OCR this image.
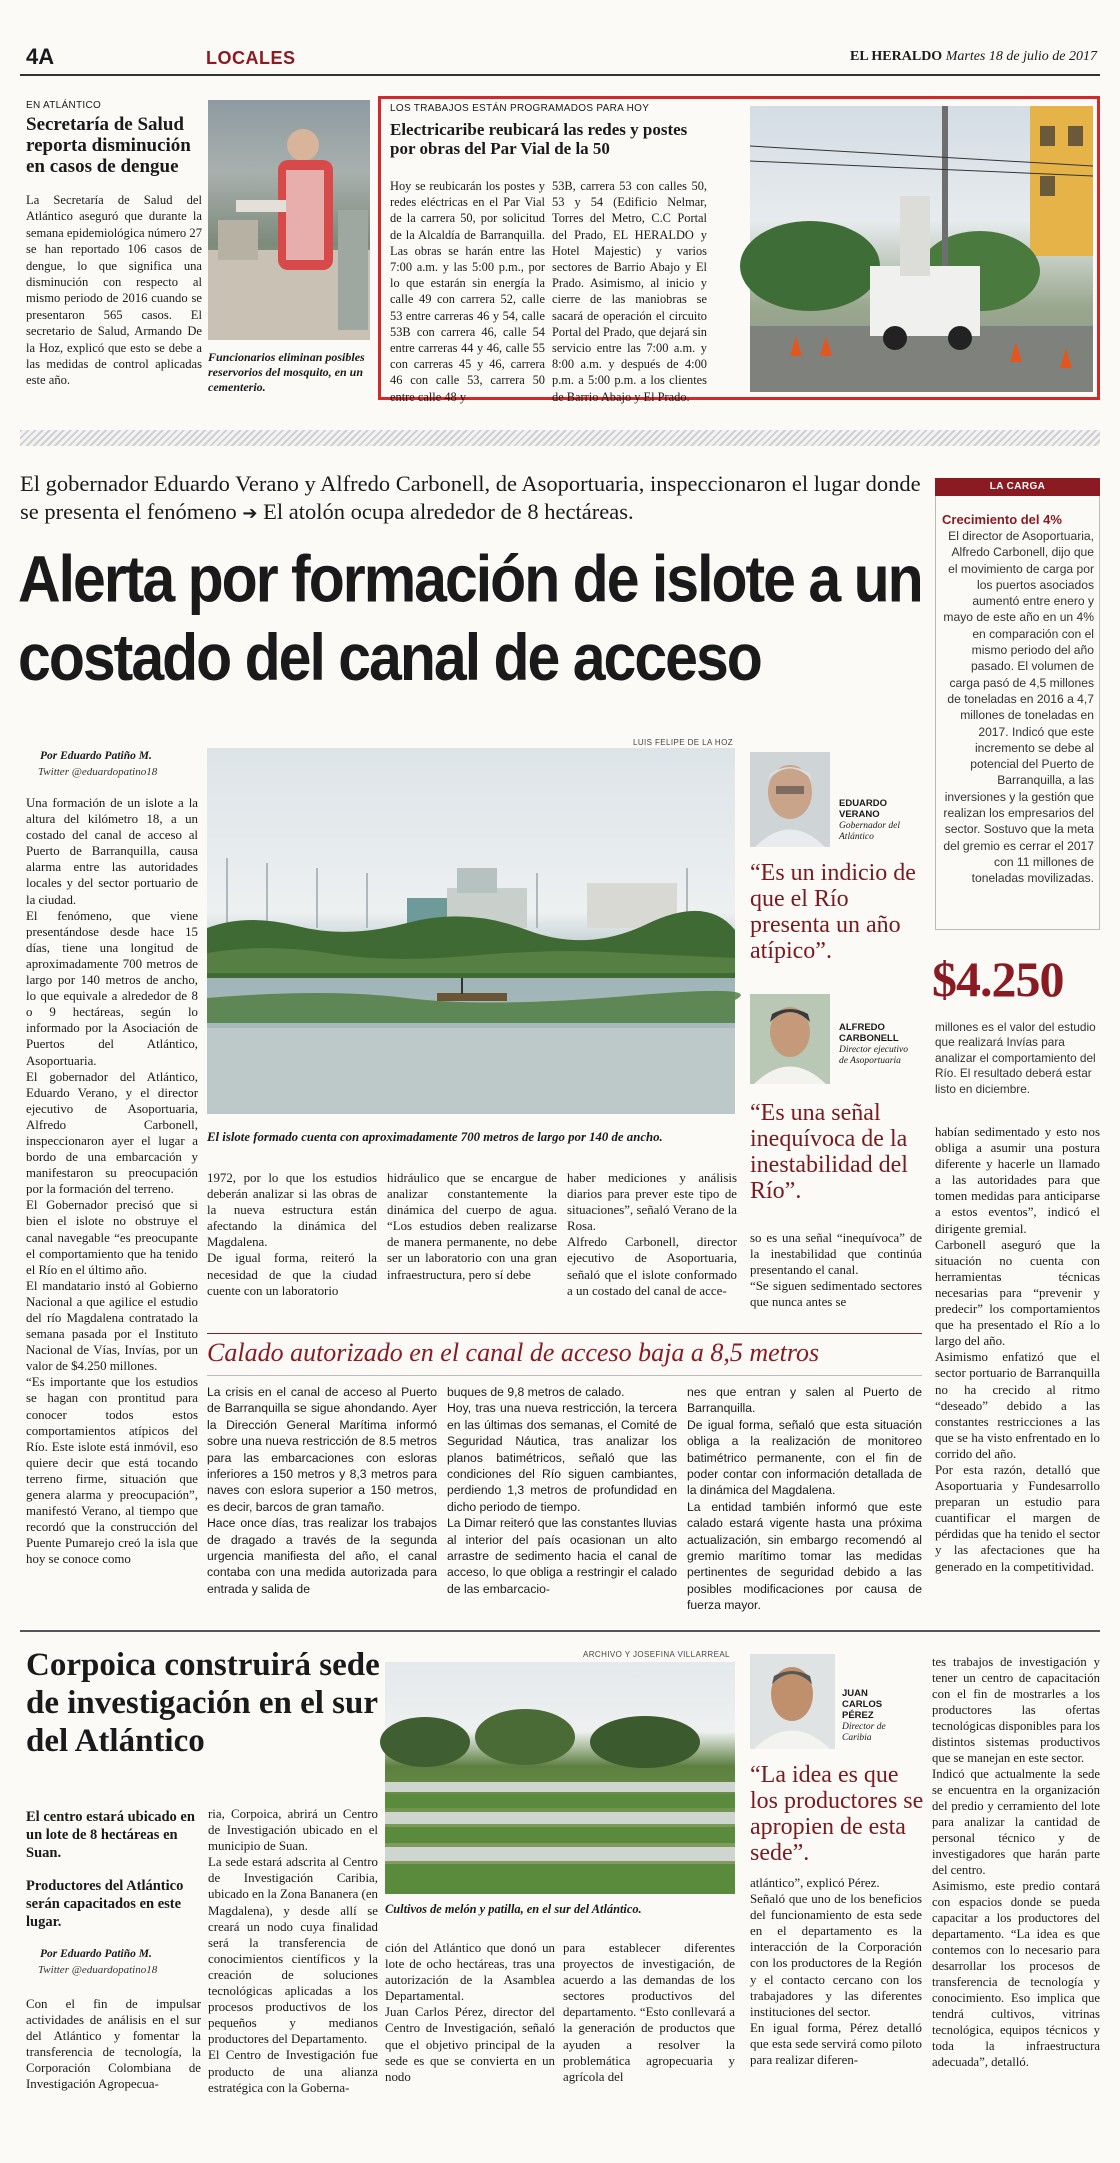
4A	LOCALES	EL HERALDO Martes 18 de julio de 2017
EN ATLÁNTICO
Secretaría de Salud reporta disminución en casos de dengue
La Secretaría de Salud del Atlántico aseguró que durante la semana epidemiológica número 27 se han reportado 106 casos de dengue, lo que significa una disminución con respecto al mismo periodo de 2016 cuando se presentaron 565 casos. El secretario de Salud, Armando De la Hoz, explicó que esto se debe a las medidas de control aplicadas este año.
Funcionarios eliminan posibles reservorios del mosquito, en un cementerio.
LOS TRABAJOS ESTÁN PROGRAMADOS PARA HOY
Electricaribe reubicará las redes y postes por obras del Par Vial de la 50
Hoy se reubicarán los postes y redes eléctricas en el Par Vial de la carrera 50, por solicitud de la Alcaldía de Barranquilla. Las obras se harán entre las 7:00 a.m. y las 5:00 p.m., por lo que estarán sin energía la calle 49 con carrera 52, calle 53 entre carreras 46 y 54, calle 53B con carrera 46, calle 54 entre carreras 44 y 46, calle 55 con carreras 45 y 46, carrera 46 con calle 53, carrera 50 entre calle 48 y
53B, carrera 53 con calles 50, 53 y 54 (Edificio Nelmar, Torres del Metro, C.C Portal del Prado, EL HERALDO y Hotel Majestic) y varios sectores de Barrio Abajo y El Prado. Asimismo, al inicio y cierre de las maniobras se sacará de operación el circuito Portal del Prado, que dejará sin servicio entre las 7:00 a.m. y 8:00 a.m. y después de 4:00 p.m. a 5:00 p.m. a los clientes de Barrio Abajo y El Prado.
El gobernador Eduardo Verano y Alfredo Carbonell, de Asoportuaria, inspeccionaron el lugar donde se presenta el fenómeno ➔ El atolón ocupa alrededor de 8 hectáreas.
Alerta por formación de islote a un costado del canal de acceso
LA CARGA
Crecimiento del 4%
El director de Asoportuaria, Alfredo Carbonell, dijo que el movimiento de carga por los puertos asociados aumentó entre enero y mayo de este año en un 4% en comparación con el mismo periodo del año pasado. El volumen de carga pasó de 4,5 millones de toneladas en 2016 a 4,7 millones de toneladas en 2017. Indicó que este incremento se debe al potencial del Puerto de Barranquilla, a las inversiones y la gestión que realizan los empresarios del sector. Sostuvo que la meta del gremio es cerrar el 2017 con 11 millones de toneladas movilizadas.
$4.250
millones es el valor del estudio que realizará Invías para analizar el comportamiento del Río. El resultado deberá estar listo en diciembre.
Por Eduardo Patiño M.
Twitter @eduardopatino18
Una formación de un islote a la altura del kilómetro 18, a un costado del canal de acceso al Puerto de Barranquilla, causa alarma entre las autoridades locales y del sector portuario de la ciudad.
El fenómeno, que viene presentándose desde hace 15 días, tiene una longitud de aproximadamente 700 metros de largo por 140 metros de ancho, lo que equivale a alrededor de 8 o 9 hectáreas, según lo informado por la Asociación de Puertos del Atlántico, Asoportuaria.
El gobernador del Atlántico, Eduardo Verano, y el director ejecutivo de Asoportuaria, Alfredo Carbonell, inspeccionaron ayer el lugar a bordo de una embarcación y manifestaron su preocupación por la formación del terreno.
El Gobernador precisó que si bien el islote no obstruye el canal navegable “es preocupante el comportamiento que ha tenido el Río en el último año.
El mandatario instó al Gobierno Nacional a que agilice el estudio del río Magdalena contratado la semana pasada por el Instituto Nacional de Vías, Invías, por un valor de $4.250 millones.
“Es importante que los estudios se hagan con prontitud para conocer todos estos comportamientos atípicos del Río. Este islote está inmóvil, eso quiere decir que está tocando terreno firme, situación que genera alarma y preocupación”, manifestó Verano, al tiempo que recordó que la construcción del Puente Pumarejo creó la isla que hoy se conoce como
LUIS FELIPE DE LA HOZ
El islote formado cuenta con aproximadamente 700 metros de largo por 140 de ancho.
1972, por lo que los estudios deberán analizar si las obras de la nueva estructura están afectando la dinámica del Magdalena.
De igual forma, reiteró la necesidad de que la ciudad cuente con un laboratorio
hidráulico que se encargue de analizar constantemente la dinámica del cuerpo de agua. “Los estudios deben realizarse de manera permanente, no debe ser un laboratorio con una gran infraestructura, pero sí debe
haber mediciones y análisis diarios para prever este tipo de situaciones”, señaló Verano de la Rosa.
Alfredo Carbonell, director ejecutivo de Asoportuaria, señaló que el islote conformado a un costado del canal de acce-
EDUARDO VERANO
Gobernador del Atlántico
“Es un indicio de que el Río presenta un año atípico”.
ALFREDO CARBONELL
Director ejecutivo de Asoportuaria
“Es una señal inequívoca de la inestabilidad del Río”.
so es una señal “inequívoca” de la inestabilidad que continúa presentando el canal.
“Se siguen sedimentado sectores que nunca antes se
habían sedimentado y esto nos obliga a asumir una postura diferente y hacerle un llamado a las autoridades para que tomen medidas para anticiparse a estos eventos”, indicó el dirigente gremial.
Carbonell aseguró que la situación no cuenta con herramientas técnicas necesarias para “prevenir y predecir” los comportamientos que ha presentado el Río a lo largo del año.
Asimismo enfatizó que el sector portuario de Barranquilla no ha crecido al ritmo “deseado” debido a las constantes restricciones a las que se ha visto enfrentado en lo corrido del año.
Por esta razón, detalló que Asoportuaria y Fundesarrollo preparan un estudio para cuantificar el margen de pérdidas que ha tenido el sector y las afectaciones que ha generado en la competitividad.
Calado autorizado en el canal de acceso baja a 8,5 metros
La crisis en el canal de acceso al Puerto de Barranquilla se sigue ahondando. Ayer la Dirección General Marítima informó sobre una nueva restricción de 8.5 metros para las embarcaciones con esloras inferiores a 150 metros y 8,3 metros para naves con eslora superior a 150 metros, es decir, barcos de gran tamaño.
Hace once días, tras realizar los trabajos de dragado a través de la segunda urgencia manifiesta del año, el canal contaba con una medida autorizada para entrada y salida de
buques de 9,8 metros de calado.
Hoy, tras una nueva restricción, la tercera en las últimas dos semanas, el Comité de Seguridad Náutica, tras analizar los planos batimétricos, señaló que las condiciones del Río siguen cambiantes, perdiendo 1,3 metros de profundidad en dicho periodo de tiempo.
La Dimar reiteró que las constantes lluvias al interior del país ocasionan un alto arrastre de sedimento hacia el canal de acceso, lo que obliga a restringir el calado de las embarcacio-
nes que entran y salen al Puerto de Barranquilla.
De igual forma, señaló que esta situación obliga a la realización de monitoreo batimétrico permanente, con el fin de poder contar con información detallada de la dinámica del Magdalena.
La entidad también informó que este calado estará vigente hasta una próxima actualización, sin embargo recomendó al gremio marítimo tomar las medidas pertinentes de seguridad debido a las posibles modificaciones por causa de fuerza mayor.
Corpoica construirá sede de investigación en el sur del Atlántico
El centro estará ubicado en un lote de 8 hectáreas en Suan.
Productores del Atlántico serán capacitados en este lugar.
Por Eduardo Patiño M.
Twitter @eduardopatino18
Con el fin de impulsar actividades de análisis en el sur del Atlántico y fomentar la transferencia de tecnología, la Corporación Colombiana de Investigación Agropecua-
ria, Corpoica, abrirá un Centro de Investigación ubicado en el municipio de Suan.
La sede estará adscrita al Centro de Investigación Caribia, ubicado en la Zona Bananera (en Magdalena), y desde allí se creará un nodo cuya finalidad será la transferencia de conocimientos científicos y la creación de soluciones tecnológicas aplicadas a los procesos productivos de los pequeños y medianos productores del Departamento.
El Centro de Investigación fue producto de una alianza estratégica con la Goberna-
ARCHIVO Y JOSEFINA VILLARREAL
Cultivos de melón y patilla, en el sur del Atlántico.
ción del Atlántico que donó un lote de ocho hectáreas, tras una autorización de la Asamblea Departamental.
Juan Carlos Pérez, director del Centro de Investigación, señaló que el objetivo principal de la sede es que se convierta en un nodo
para establecer diferentes proyectos de investigación, de acuerdo a las demandas de los sectores productivos del departamento. “Esto conllevará a la generación de productos que ayuden a resolver la problemática agropecuaria y agrícola del
JUAN CARLOS PÉREZ
Director de Caribia
“La idea es que los productores se apropien de esta sede”.
atlántico”, explicó Pérez.
Señaló que uno de los beneficios del funcionamiento de esta sede en el departamento es la interacción de la Corporación con los productores de la Región y el contacto cercano con los trabajadores y las diferentes instituciones del sector.
En igual forma, Pérez detalló que esta sede servirá como piloto para realizar diferen-
tes trabajos de investigación y tener un centro de capacitación con el fin de mostrarles a los productores las ofertas tecnológicas disponibles para los distintos sistemas productivos que se manejan en este sector.
Indicó que actualmente la sede se encuentra en la organización del predio y cerramiento del lote para analizar la cantidad de personal técnico y de investigadores que harán parte del centro.
Asimismo, este predio contará con espacios donde se pueda capacitar a los productores del departamento. “La idea es que contemos con lo necesario para desarrollar los procesos de transferencia de tecnología y conocimiento. Eso implica que tendrá cultivos, vitrinas tecnológica, equipos técnicos y toda la infraestructura adecuada”, detalló.
